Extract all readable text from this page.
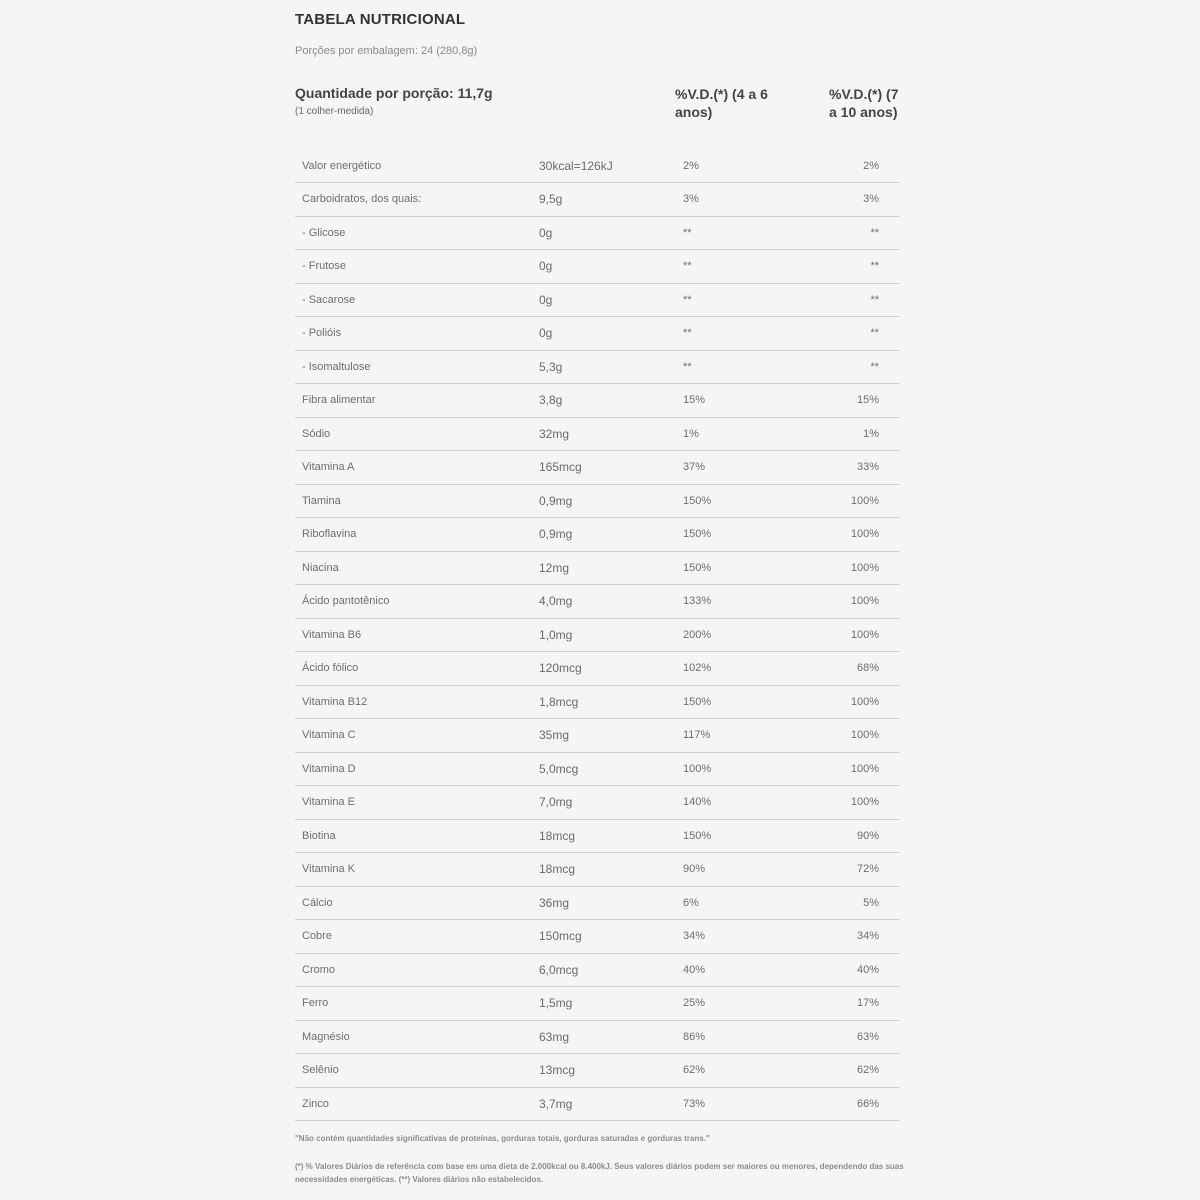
TABELA NUTRICIONAL
Porções por embalagem: 24 (280,8g)
Quantidade por porção: 11,7g
(1 colher-medida)
%V.D.(*) (4 a 6 anos)
%V.D.(*) (7 a 10 anos)
Valor energético	30kcal=126kJ	2%	2%
Carboidratos, dos quais:	9,5g	3%	3%
- Glicose	0g	**	**
- Frutose	0g	**	**
- Sacarose	0g	**	**
- Polióis	0g	**	**
- Isomaltulose	5,3g	**	**
Fibra alimentar	3,8g	15%	15%
Sódio	32mg	1%	1%
Vitamina A	165mcg	37%	33%
Tiamina	0,9mg	150%	100%
Riboflavina	0,9mg	150%	100%
Niacina	12mg	150%	100%
Ácido pantotênico	4,0mg	133%	100%
Vitamina B6	1,0mg	200%	100%
Ácido fólico	120mcg	102%	68%
Vitamina B12	1,8mcg	150%	100%
Vitamina C	35mg	117%	100%
Vitamina D	5,0mcg	100%	100%
Vitamina E	7,0mg	140%	100%
Biotina	18mcg	150%	90%
Vitamina K	18mcg	90%	72%
Cálcio	36mg	6%	5%
Cobre	150mcg	34%	34%
Cromo	6,0mcg	40%	40%
Ferro	1,5mg	25%	17%
Magnésio	63mg	86%	63%
Selênio	13mcg	62%	62%
Zinco	3,7mg	73%	66%
"Não contém quantidades significativas de proteínas, gorduras totais, gorduras saturadas e gorduras trans."
(*) % Valores Diários de referência com base em uma dieta de 2.000kcal ou 8.400kJ. Seus valores diários podem ser maiores ou menores, dependendo das suas necessidades energéticas. (**) Valores diários não estabelecidos.
